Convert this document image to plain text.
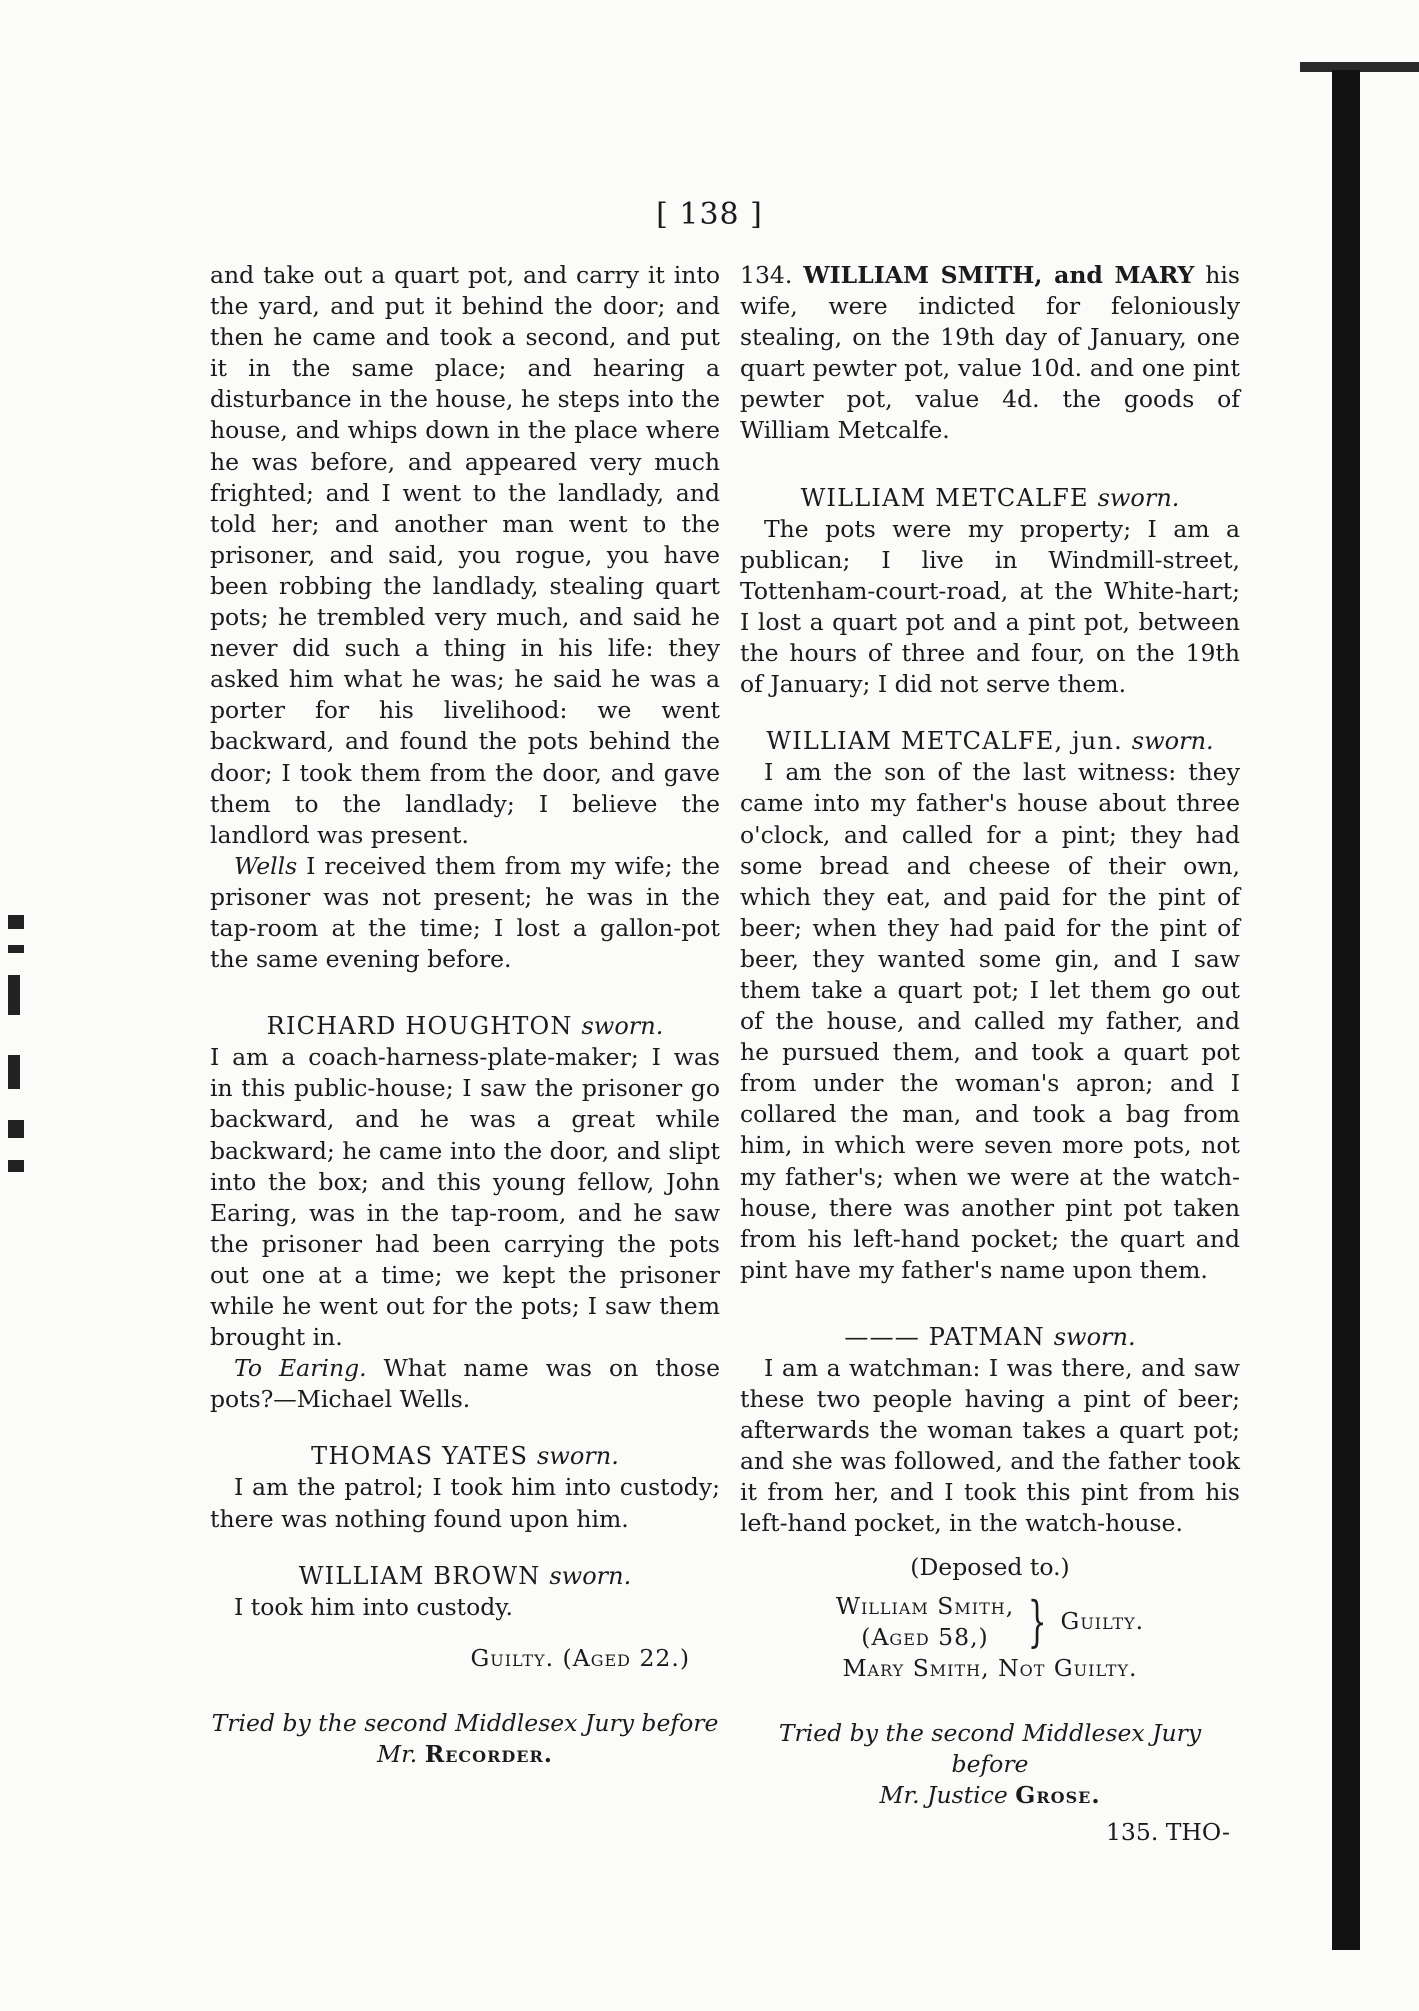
[ 138 ]

and take out a quart pot, and carry it into the yard, and put it behind the door; and then he came and took a second, and put it in the same place; and hearing a disturbance in the house, he steps into the house, and whips down in the place where he was before, and appeared very much frighted; and I went to the landlady, and told her; and another man went to the prisoner, and said, you rogue, you have been robbing the landlady, stealing quart pots; he trembled very much, and said he never did such a thing in his life: they asked him what he was; he said he was a porter for his livelihood: we went backward, and found the pots behind the door; I took them from the door, and gave them to the landlady; I believe the landlord was present.

Wells I received them from my wife; the prisoner was not present; he was in the tap-room at the time; I lost a gallon-pot the same evening before.

RICHARD HOUGHTON sworn.

I am a coach-harness-plate-maker; I was in this public-house; I saw the prisoner go backward, and he was a great while backward; he came into the door, and slipt into the box; and this young fellow, John Earing, was in the tap-room, and he saw the prisoner had been carrying the pots out one at a time; we kept the prisoner while he went out for the pots; I saw them brought in.

To Earing. What name was on those pots?—Michael Wells.

THOMAS YATES sworn.

I am the patrol; I took him into custody; there was nothing found upon him.

WILLIAM BROWN sworn.

I took him into custody.

Guilty. (Aged 22.)
Tried by the second Middlesex Jury before
Mr. Recorder.

134. WILLIAM SMITH, and MARY his wife, were indicted for feloniously stealing, on the 19th day of January, one quart pewter pot, value 10d. and one pint pewter pot, value 4d. the goods of William Metcalfe.

WILLIAM METCALFE sworn.

The pots were my property; I am a publican; I live in Windmill-street, Tottenham-court-road, at the White-hart; I lost a quart pot and a pint pot, between the hours of three and four, on the 19th of January; I did not serve them.

WILLIAM METCALFE, jun. sworn.

I am the son of the last witness: they came into my father's house about three o'clock, and called for a pint; they had some bread and cheese of their own, which they eat, and paid for the pint of beer; when they had paid for the pint of beer, they wanted some gin, and I saw them take a quart pot; I let them go out of the house, and called my father, and he pursued them, and took a quart pot from under the woman's apron; and I collared the man, and took a bag from him, in which were seven more pots, not my father's; when we were at the watch-house, there was another pint pot taken from his left-hand pocket; the quart and pint have my father's name upon them.

——— PATMAN sworn.

I am a watchman: I was there, and saw these two people having a pint of beer; afterwards the woman takes a quart pot; and she was followed, and the father took it from her, and I took this pint from his left-hand pocket, in the watch-house.

(Deposed to.)
William Smith,
(Aged 58,) } Guilty.
Mary Smith, Not Guilty.
Tried by the second Middlesex Jury before
Mr. Justice Grose.
135. THO-
